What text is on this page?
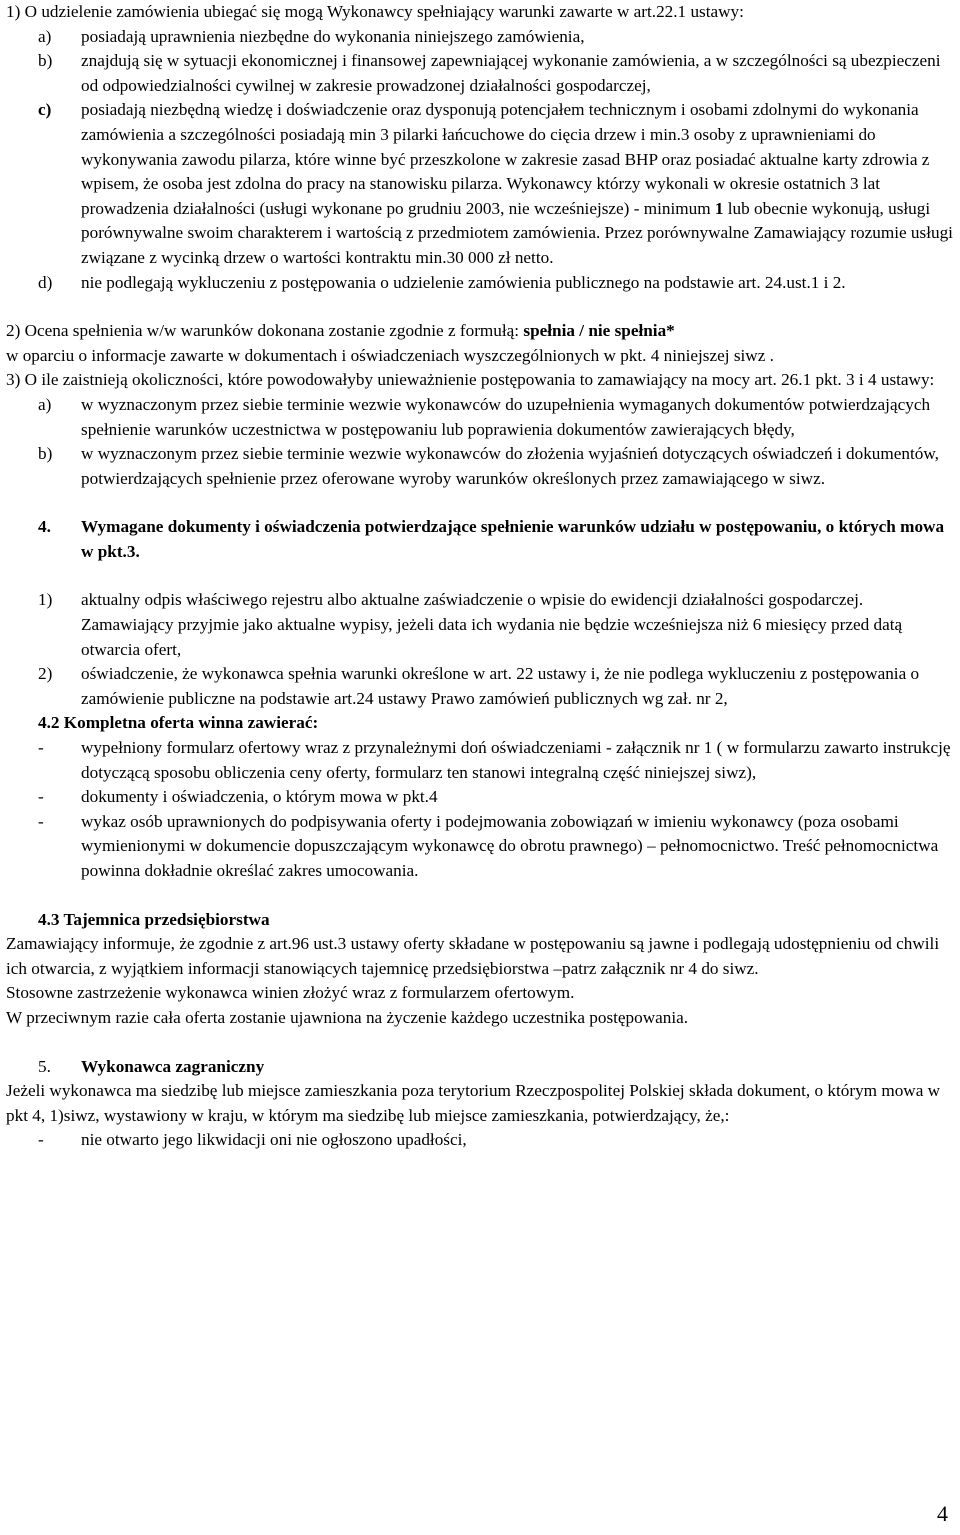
1) O udzielenie zamówienia ubiegać się mogą Wykonawcy spełniający warunki zawarte w art.22.1 ustawy:

a)	posiadają uprawnienia niezbędne do wykonania niniejszego zamówienia,
b)	znajdują się w sytuacji ekonomicznej i finansowej zapewniającej wykonanie zamówienia, a w szczególności są ubezpieczeni od odpowiedzialności cywilnej w zakresie prowadzonej działalności gospodarczej,
c)	posiadają niezbędną wiedzę i doświadczenie oraz dysponują potencjałem technicznym i osobami zdolnymi do wykonania zamówienia a szczególności posiadają min 3 pilarki łańcuchowe do cięcia drzew i min.3 osoby z uprawnieniami do wykonywania zawodu pilarza, które winne być przeszkolone w zakresie zasad BHP oraz posiadać aktualne karty zdrowia z wpisem, że osoba jest zdolna do pracy na stanowisku pilarza. Wykonawcy którzy wykonali w okresie ostatnich 3 lat prowadzenia działalności (usługi wykonane po grudniu 2003, nie wcześniejsze) - minimum 1 lub obecnie wykonują, usługi porównywalne swoim charakterem i wartością z przedmiotem zamówienia. Przez porównywalne Zamawiający rozumie usługi związane z wycinką drzew o wartości kontraktu min.30 000 zł netto.
d)	nie podlegają wykluczeniu z postępowania o udzielenie zamówienia publicznego na podstawie art. 24.ust.1 i 2.

2) Ocena spełnienia w/w warunków dokonana zostanie zgodnie z formułą: spełnia / nie spełnia*
w oparciu o informacje zawarte w dokumentach i oświadczeniach wyszczególnionych w pkt. 4 niniejszej siwz .

3) O ile zaistnieją okoliczności, które powodowałyby unieważnienie postępowania to zamawiający na mocy art. 26.1 pkt. 3 i 4 ustawy:

a)	w wyznaczonym przez siebie terminie wezwie wykonawców do uzupełnienia wymaganych dokumentów potwierdzających spełnienie warunków uczestnictwa w postępowaniu lub poprawienia dokumentów zawierających błędy,
b)	w wyznaczonym przez siebie terminie wezwie wykonawców do złożenia wyjaśnień dotyczących oświadczeń i dokumentów, potwierdzających spełnienie przez oferowane wyroby warunków określonych przez zamawiającego w siwz.
4.	Wymagane dokumenty i oświadczenia potwierdzające spełnienie warunków udziału w postępowaniu, o których mowa w pkt.3.
1)	aktualny odpis właściwego rejestru albo aktualne zaświadczenie o wpisie do ewidencji działalności gospodarczej. Zamawiający przyjmie jako aktualne wypisy, jeżeli data ich wydania nie będzie wcześniejsza niż 6 miesięcy przed datą otwarcia ofert,
2)	oświadczenie, że wykonawca spełnia warunki określone w art. 22 ustawy i, że nie podlega wykluczeniu z postępowania o zamówienie publiczne na podstawie art.24 ustawy Prawo zamówień publicznych wg zał. nr 2,

4.2 Kompletna oferta winna zawierać:

-	wypełniony formularz ofertowy wraz z przynależnymi doń oświadczeniami - załącznik nr 1 ( w formularzu zawarto instrukcję dotyczącą sposobu obliczenia ceny oferty, formularz ten stanowi integralną część niniejszej siwz),
-	dokumenty i oświadczenia, o którym mowa w pkt.4
-	wykaz osób uprawnionych do podpisywania oferty i podejmowania zobowiązań w imieniu wykonawcy (poza osobami wymienionymi w dokumencie dopuszczającym wykonawcę do obrotu prawnego) – pełnomocnictwo. Treść pełnomocnictwa powinna dokładnie określać zakres umocowania.

4.3 Tajemnica przedsiębiorstwa

Zamawiający informuje, że zgodnie z art.96 ust.3 ustawy oferty składane w postępowaniu są jawne i podlegają udostępnieniu od chwili ich otwarcia, z wyjątkiem informacji stanowiących tajemnicę przedsiębiorstwa –patrz załącznik nr 4 do siwz.

Stosowne zastrzeżenie wykonawca winien złożyć wraz z formularzem ofertowym.

W przeciwnym razie cała oferta zostanie ujawniona na życzenie każdego uczestnika postępowania.

5.	Wykonawca zagraniczny

Jeżeli wykonawca ma siedzibę lub miejsce zamieszkania poza terytorium Rzeczpospolitej Polskiej składa dokument, o którym mowa w pkt 4, 1)siwz, wystawiony w kraju, w którym ma siedzibę lub miejsce zamieszkania, potwierdzający, że,:

-	nie otwarto jego likwidacji oni nie ogłoszono upadłości,
4
